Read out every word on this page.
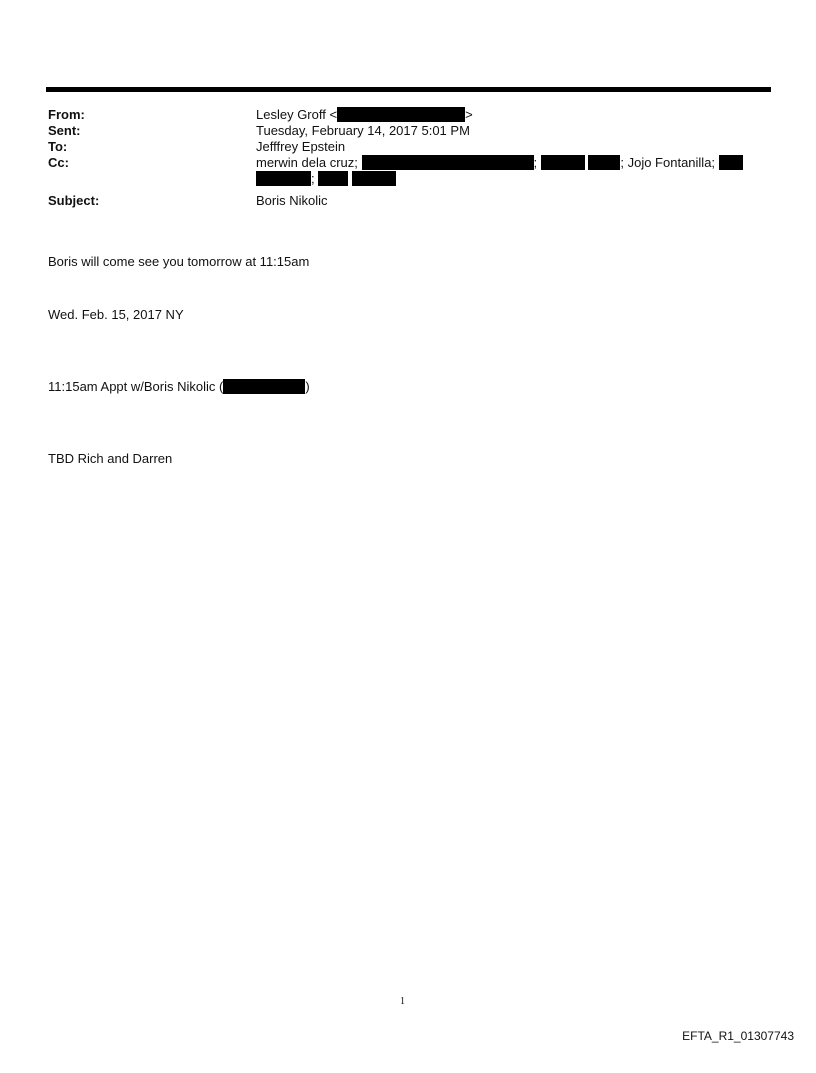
From:	Lesley Groff <	>
Sent:	Tuesday, February 14, 2017 5:01 PM
To:	Jefffrey Epstein
Cc:	merwin dela cruz;	;	; Jojo Fontanilla;
;
Subject:	Boris Nikolic
Boris will come see you tomorrow at 11:15am
Wed. Feb. 15, 2017 NY
11:15am Appt w/Boris Nikolic (	)
TBD Rich and Darren
1
EFTA_R1_01307743
